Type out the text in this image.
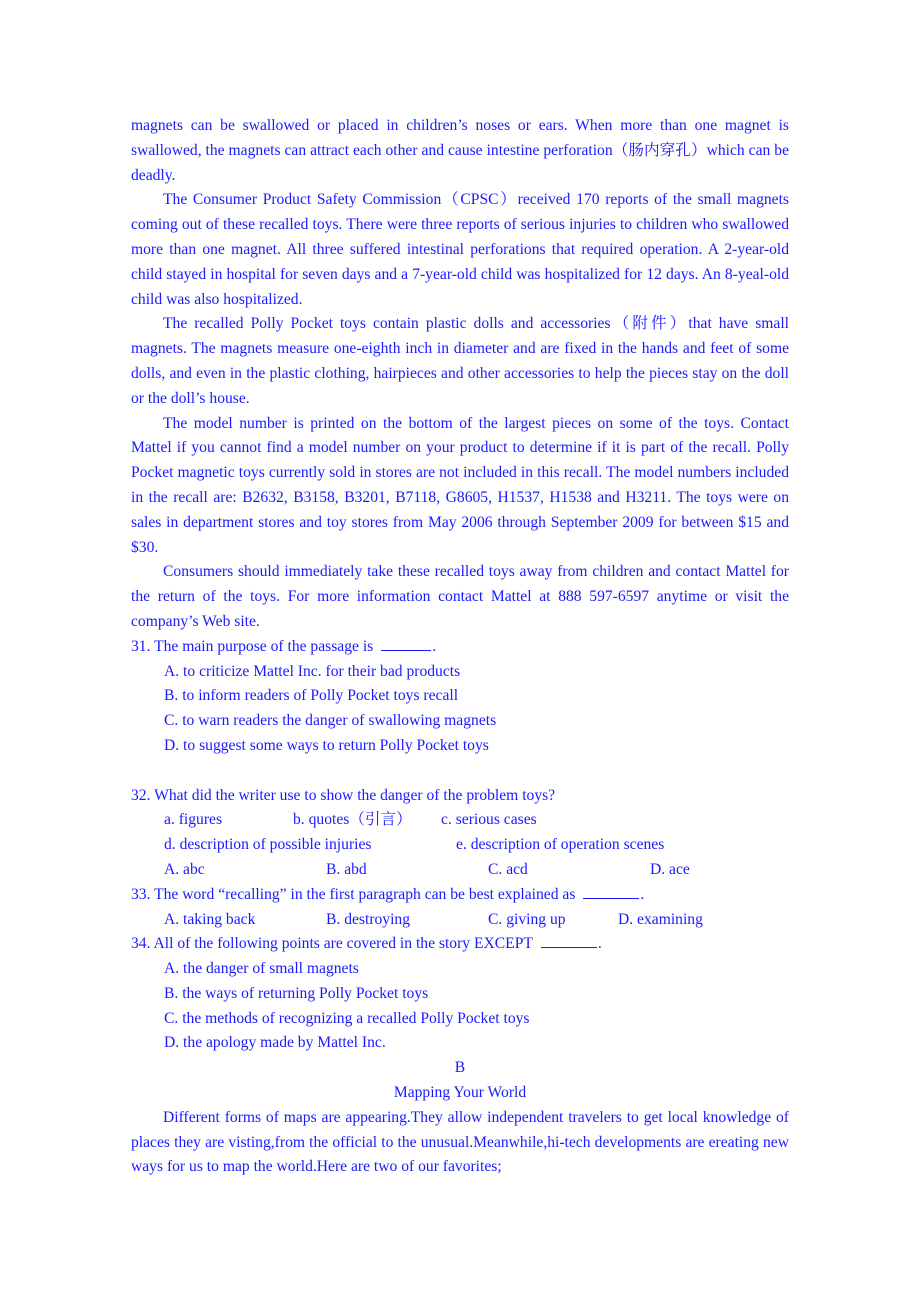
magnets can be swallowed or placed in children’s noses or ears. When more than one magnet is swallowed, the magnets can attract each other and cause intestine perforation（肠内穿孔）which can be deadly.

The Consumer Product Safety Commission（CPSC）received 170 reports of the small magnets coming out of these recalled toys. There were three reports of serious injuries to children who swallowed more than one magnet. All three suffered intestinal perforations that required operation. A 2-year-old child stayed in hospital for seven days and a 7-year-old child was hospitalized for 12 days. An 8-yeal-old child was also hospitalized.

The recalled Polly Pocket toys contain plastic dolls and accessories（附件）that have small magnets. The magnets measure one-eighth inch in diameter and are fixed in the hands and feet of some dolls, and even in the plastic clothing, hairpieces and other accessories to help the pieces stay on the doll or the doll’s house.

The model number is printed on the bottom of the largest pieces on some of the toys. Contact Mattel if you cannot find a model number on your product to determine if it is part of the recall. Polly Pocket magnetic toys currently sold in stores are not included in this recall. The model numbers included in the recall are: B2632, B3158, B3201, B7118, G8605, H1537, H1538 and H3211. The toys were on sales in department stores and toy stores from May 2006 through September 2009 for between $15 and $30.

Consumers should immediately take these recalled toys away from children and contact Mattel for the return of the toys. For more information contact Mattel at 888 597-6597 anytime or visit the company’s Web site.

31. The main purpose of the passage is	.

A. to criticize Mattel Inc. for their bad products

B. to inform readers of Polly Pocket toys recall

C. to warn readers the danger of swallowing magnets

D. to suggest some ways to return Polly Pocket toys

32. What did the writer use to show the danger of the problem toys?

a. figures	b. quotes（引言） c. serious cases
d. description of possible injuries	e. description of operation scenes
A. abc	B. abd	C. acd	D. ace

33. The word “recalling” in the first paragraph can be best explained as	.

A. taking back	B. destroying	C. giving up	D. examining

34. All of the following points are covered in the story EXCEPT	.

A. the danger of small magnets

B. the ways of returning Polly Pocket toys

C. the methods of recognizing a recalled Polly Pocket toys

D. the apology made by Mattel Inc.

B

Mapping Your World

Different forms of maps are appearing.They allow independent travelers to get local knowledge of places they are visting,from the official to the unusual.Meanwhile,hi-tech developments are ereating new ways for us to map the world.Here are two of our favorites;
